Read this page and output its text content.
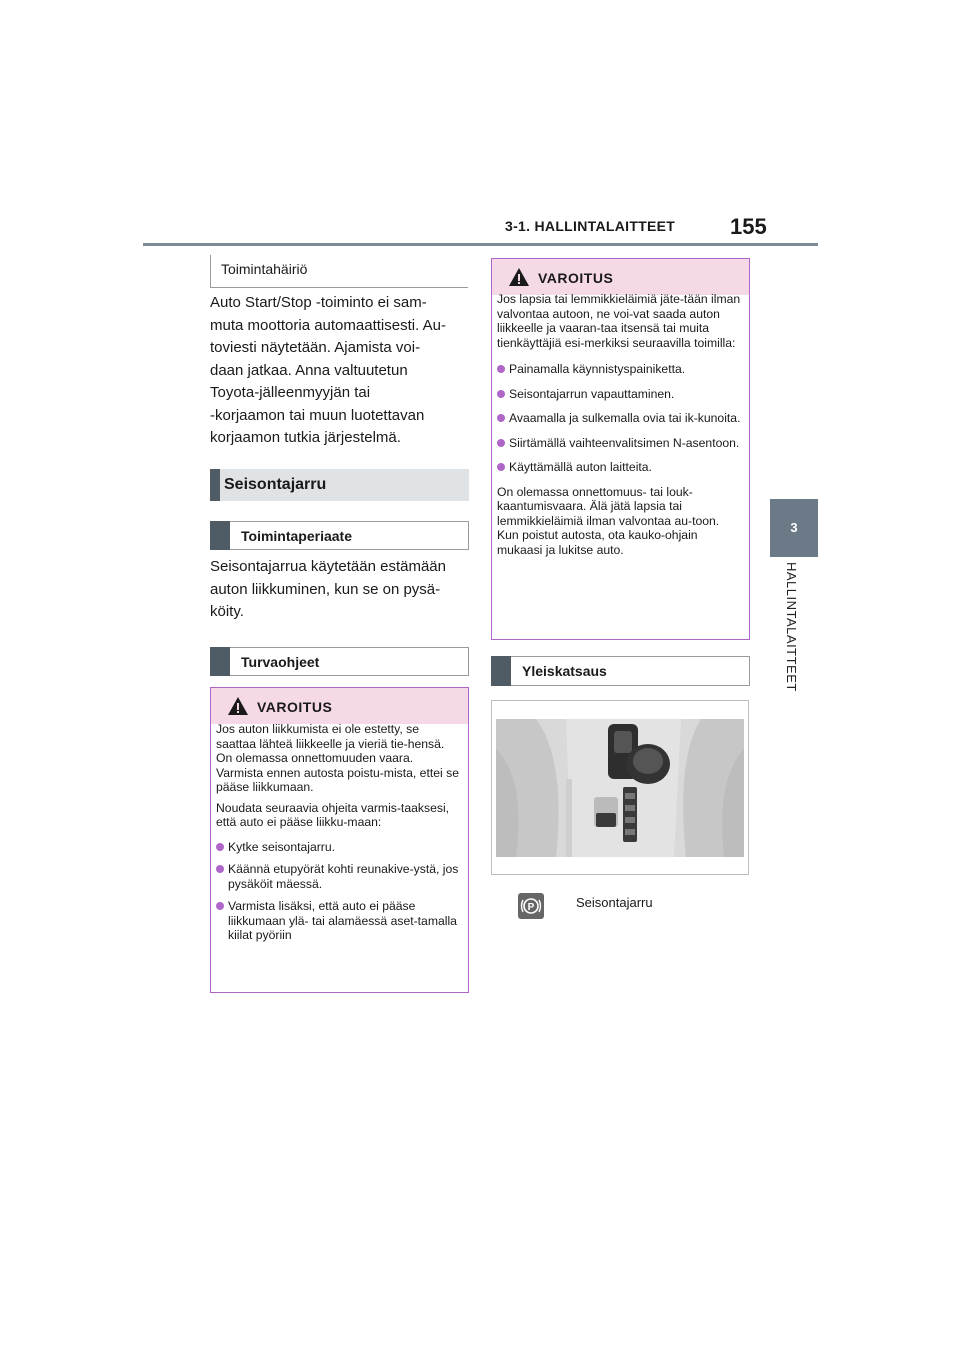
3-1. HALLINTALAITTEET 155
3
HALLINTALAITTEET
Toimintahäiriö

Auto Start/Stop -toiminto ei sam-

muta moottoria automaattisesti. Au-

toviesti näytetään. Ajamista voi-

daan jatkaa. Anna valtuutetun

Toyota-jälleenmyyjän tai

-korjaamon tai muun luotettavan

korjaamon tutkia järjestelmä.

Seisontajarru
Toimintaperiaate

Seisontajarrua käytetään estämään

auton liikkuminen, kun se on pysä-

köity.

Turvaohjeet
VAROITUS

Jos auton liikkumista ei ole estetty, se saattaa lähteä liikkeelle ja vieriä tie-hensä. On olemassa onnettomuuden vaara. Varmista ennen autosta poistu-mista, ettei se pääse liikkumaan.

Noudata seuraavia ohjeita varmis-taaksesi, että auto ei pääse liikku-maan:

Kytke seisontajarru.
Käännä etupyörät kohti reunakive-ystä, jos pysäköit mäessä.
Varmista lisäksi, että auto ei pääse liikkumaan ylä- tai alamäessä aset-tamalla kiilat pyöriin
VAROITUS

Jos lapsia tai lemmikkieläimiä jäte-tään ilman valvontaa autoon, ne voi-vat saada auton liikkeelle ja vaaran-taa itsensä tai muita tienkäyttäjiä esi-merkiksi seuraavilla toimilla:

Painamalla käynnistyspainiketta.
Seisontajarrun vapauttaminen.
Avaamalla ja sulkemalla ovia tai ik-kunoita.
Siirtämällä vaihteenvalitsimen N-asentoon.
Käyttämällä auton laitteita.

On olemassa onnettomuus- tai louk-kaantumisvaara. Älä jätä lapsia tai lemmikkieläimiä ilman valvontaa au-toon. Kun poistut autosta, ota kauko-ohjain mukaasi ja lukitse auto.

Yleiskatsaus
P	Seisontajarru
